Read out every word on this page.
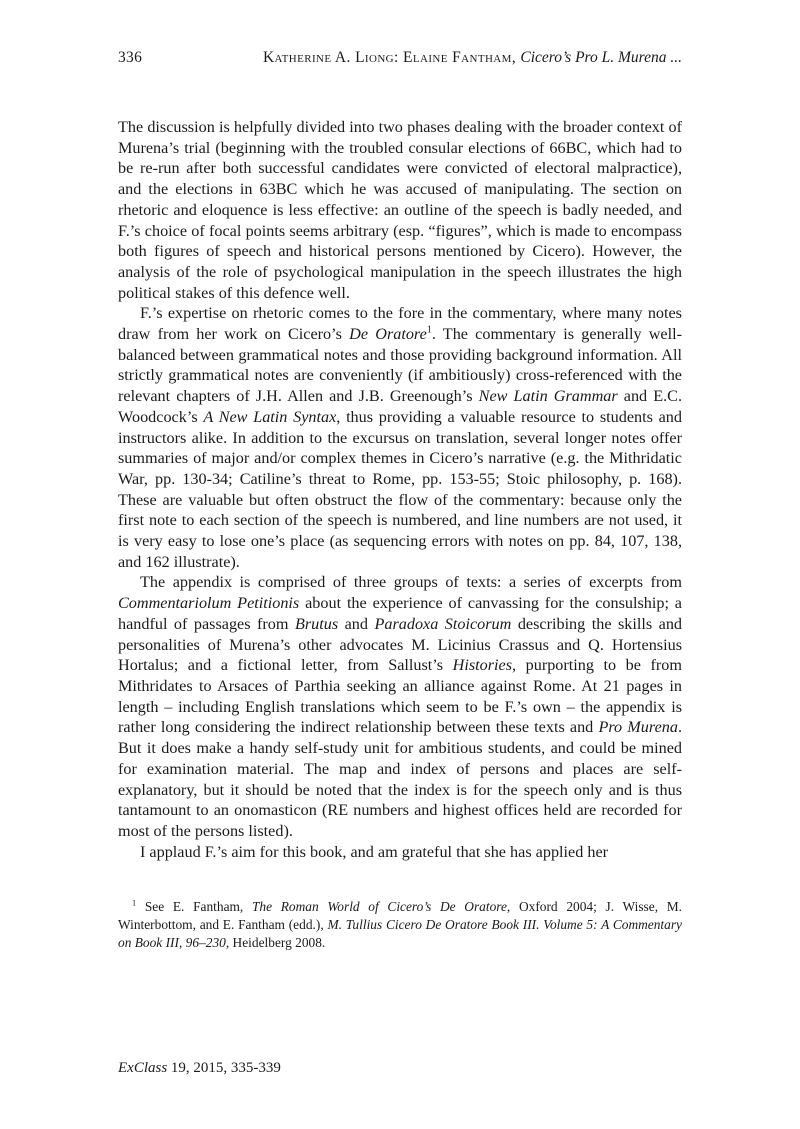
336	Katherine A. Liong: Elaine Fantham, Cicero’s Pro L. Murena ...

The discussion is helpfully divided into two phases dealing with the broader context of Murena’s trial (beginning with the troubled consular elections of 66BC, which had to be re-run after both successful candidates were convicted of electoral malpractice), and the elections in 63BC which he was accused of manipulating. The section on rhetoric and eloquence is less effective: an outline of the speech is badly needed, and F.’s choice of focal points seems arbitrary (esp. “figures”, which is made to encompass both figures of speech and historical persons mentioned by Cicero). However, the analysis of the role of psychological manipulation in the speech illustrates the high political stakes of this defence well.

F.’s expertise on rhetoric comes to the fore in the commentary, where many notes draw from her work on Cicero’s De Oratore$^1$. The commentary is generally well-balanced between grammatical notes and those providing background information. All strictly grammatical notes are conveniently (if ambitiously) cross-referenced with the relevant chapters of J.H. Allen and J.B. Greenough’s New Latin Grammar and E.C. Woodcock’s A New Latin Syntax, thus providing a valuable resource to students and instructors alike. In addition to the excursus on translation, several longer notes offer summaries of major and/or complex themes in Cicero’s narrative (e.g. the Mithridatic War, pp. 130-34; Catiline’s threat to Rome, pp. 153-55; Stoic philosophy, p. 168). These are valuable but often obstruct the flow of the commentary: because only the first note to each section of the speech is numbered, and line numbers are not used, it is very easy to lose one’s place (as sequencing errors with notes on pp. 84, 107, 138, and 162 illustrate).

The appendix is comprised of three groups of texts: a series of excerpts from Commentariolum Petitionis about the experience of canvassing for the consulship; a handful of passages from Brutus and Paradoxa Stoicorum describing the skills and personalities of Murena’s other advocates M. Licinius Crassus and Q. Hortensius Hortalus; and a fictional letter, from Sallust’s Histories, purporting to be from Mithridates to Arsaces of Parthia seeking an alliance against Rome. At 21 pages in length – including English translations which seem to be F.’s own – the appendix is rather long considering the indirect relationship between these texts and Pro Murena. But it does make a handy self-study unit for ambitious students, and could be mined for examination material. The map and index of persons and places are self-explanatory, but it should be noted that the index is for the speech only and is thus tantamount to an onomasticon (RE numbers and highest offices held are recorded for most of the persons listed).

I applaud F.’s aim for this book, and am grateful that she has applied her

$^1$ See E. Fantham, The Roman World of Cicero’s De Oratore, Oxford 2004; J. Wisse, M. Winterbottom, and E. Fantham (edd.), M. Tullius Cicero De Oratore Book III. Volume 5: A Commentary on Book III, 96–230, Heidelberg 2008.

ExClass 19, 2015, 335-339
